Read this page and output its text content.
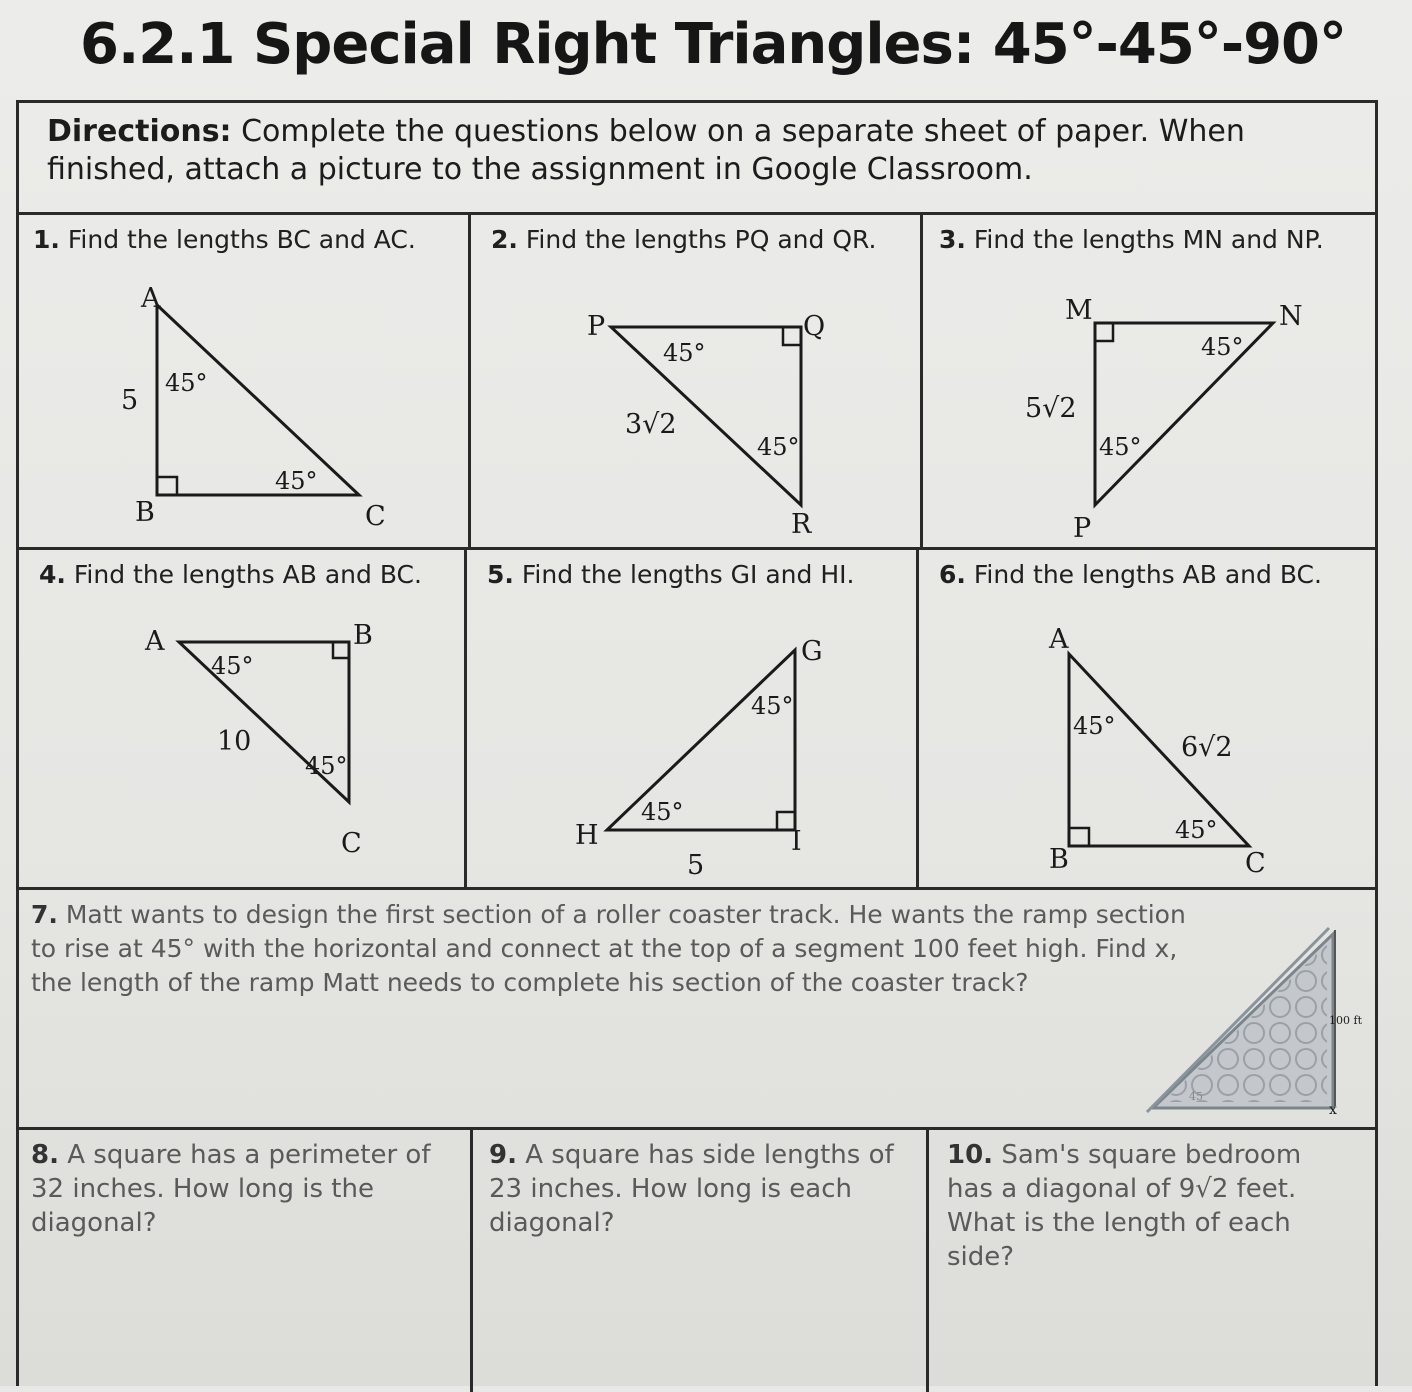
6.2.1 Special Right Triangles: 45°-45°-90°
Directions: Complete the questions below on a separate sheet of paper. When finished, attach a picture to the assignment in Google Classroom.
1. Find the lengths BC and AC.
A
B	C
5
45°
45°
2. Find the lengths PQ and QR.
P	Q
R
3√2
45°
45°
3. Find the lengths MN and NP.
M	N
P
5√2
45°
45°
4. Find the lengths AB and BC.
A	B
C
10
45°
45°
5. Find the lengths GI and HI.
G
H	I
5
45°
45°
6. Find the lengths AB and BC.
A
B	C
6√2
45°
45°
7. Matt wants to design the first section of a roller coaster track. He wants the ramp section to rise at 45° with the horizontal and connect at the top of a segment 100 feet high. Find x, the length of the ramp Matt needs to complete his section of the coaster track?
x
100 ft
45
8. A square has a perimeter of 32 inches. How long is the diagonal?
9. A square has side lengths of 23 inches. How long is each diagonal?
10. Sam's square bedroom has a diagonal of 9√2 feet. What is the length of each side?
